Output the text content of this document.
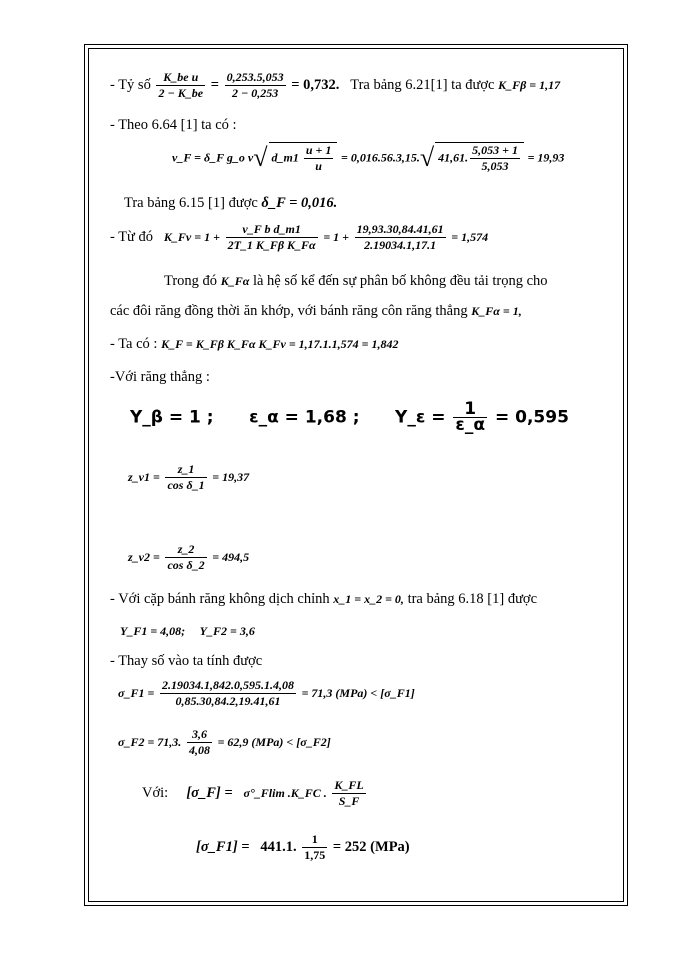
- Tỷ số $\frac{\text{K\_be u}}{2 - K\_be} = \frac{0,253.5,053}{2 - 0,253} = 0,732$. Tra bảng 6.21[1] ta được K_Fβ = 1,17
- Theo 6.64 [1] ta có :
v_F = δ_F g_o v√ d_m1 $\frac{u + 1}{u} = 0,016.56.3,15.√$ 41,61. $\frac{5,053 + 1}{5,053} = 19,93$
Tra bảng 6.15 [1] được δ_F = 0,016.
- Từ đó K_Fv = $1 + \frac{\text{v\_F b d\_m1}}{\text{2T\_1 K\_Fβ K\_Fα}} = 1 + \frac{19,93.30,84.41,61}{2.19034.1,17.1} = 1,574$
Trong đó K_Fα là hệ số kể đến sự phân bố không đều tải trọng cho
các đôi răng đồng thời ăn khớp, với bánh răng côn răng thẳng K_Fα = 1,
- Ta có : K_F = K_Fβ K_Fα K_Fv = 1,17.1.1,574 = 1,842
-Với răng thẳng :
Y_β = 1 ; ε_α = 1,68 ; Y_ε = $\frac{1}{\varepsilon\_\alpha} = 0,595$
z_v1 = $\frac{z\_1}{\text{cos δ\_1}} = 19,37$
z_v2 = $\frac{z\_2}{\text{cos δ\_2}} = 494,5$
- Với cặp bánh răng không dịch chỉnh x_1 = x_2 = 0, tra bảng 6.18 [1] được
Y_F1 = 4,08; Y_F2 = 3,6
- Thay số vào ta tính được
σ_F1 = $\frac{2.19034.1,842.0,595.1.4,08}{0,85.30,84.2,19.41,61} = 71,3$ (MPa) < [σ_F1]
σ_F2 = 71,3. $\frac{3,6}{4,08} = 62,9$ (MPa) < [σ_F2]
Với: [σ_F] = σ°_Flim .K_FC . $\frac{K\_FL}{S\_F}$
[σ_F1] = 441.1. $\frac{1}{1,75} = 252$ (MPa)
